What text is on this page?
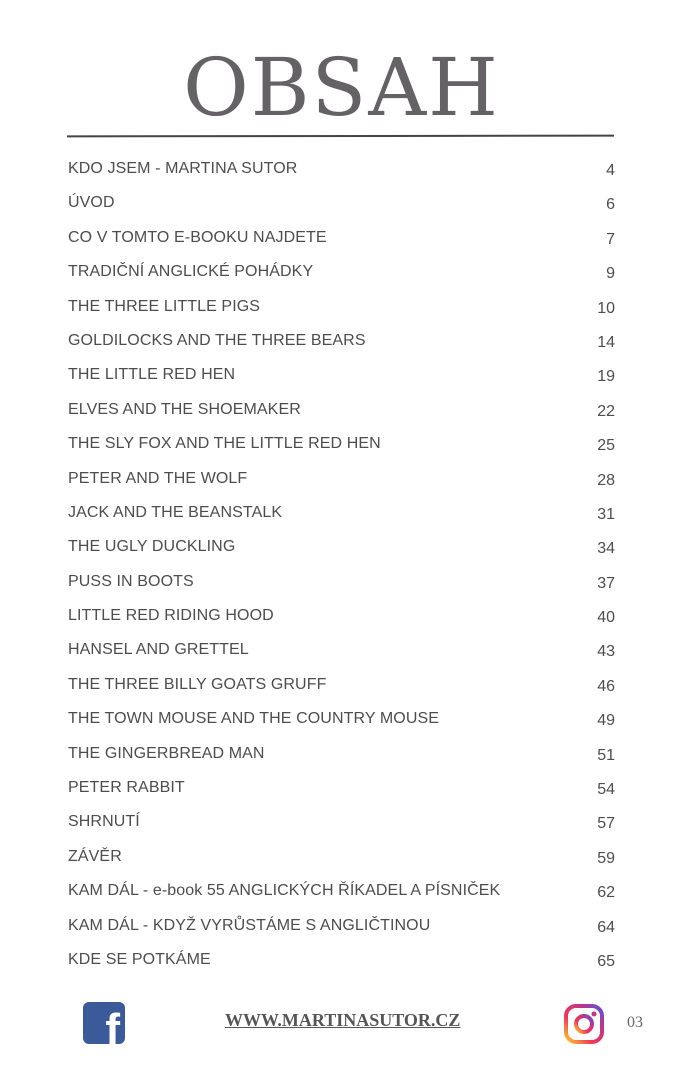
OBSAH
KDO JSEM - MARTINA SUTOR	4
ÚVOD	6
CO V TOMTO E-BOOKU NAJDETE	7
TRADIČNÍ ANGLICKÉ POHÁDKY	9
THE THREE LITTLE PIGS	10
GOLDILOCKS AND THE THREE BEARS	14
THE LITTLE RED HEN	19
ELVES AND THE SHOEMAKER	22
THE SLY FOX AND THE LITTLE RED HEN	25
PETER AND THE WOLF	28
JACK AND THE BEANSTALK	31
THE UGLY DUCKLING	34
PUSS IN BOOTS	37
LITTLE RED RIDING HOOD	40
HANSEL AND GRETTEL	43
THE THREE BILLY GOATS GRUFF	46
THE TOWN MOUSE AND THE COUNTRY MOUSE	49
THE GINGERBREAD MAN	51
PETER RABBIT	54
SHRNUTÍ	57
ZÁVĚR	59
KAM DÁL - e-book 55 ANGLICKÝCH ŘÍKADEL A PÍSNIČEK	62
KAM DÁL - KDYŽ VYRŮSTÁME S ANGLIČTINOU	64
KDE SE POTKÁME	65
f	WWW.MARTINASUTOR.CZ	03
